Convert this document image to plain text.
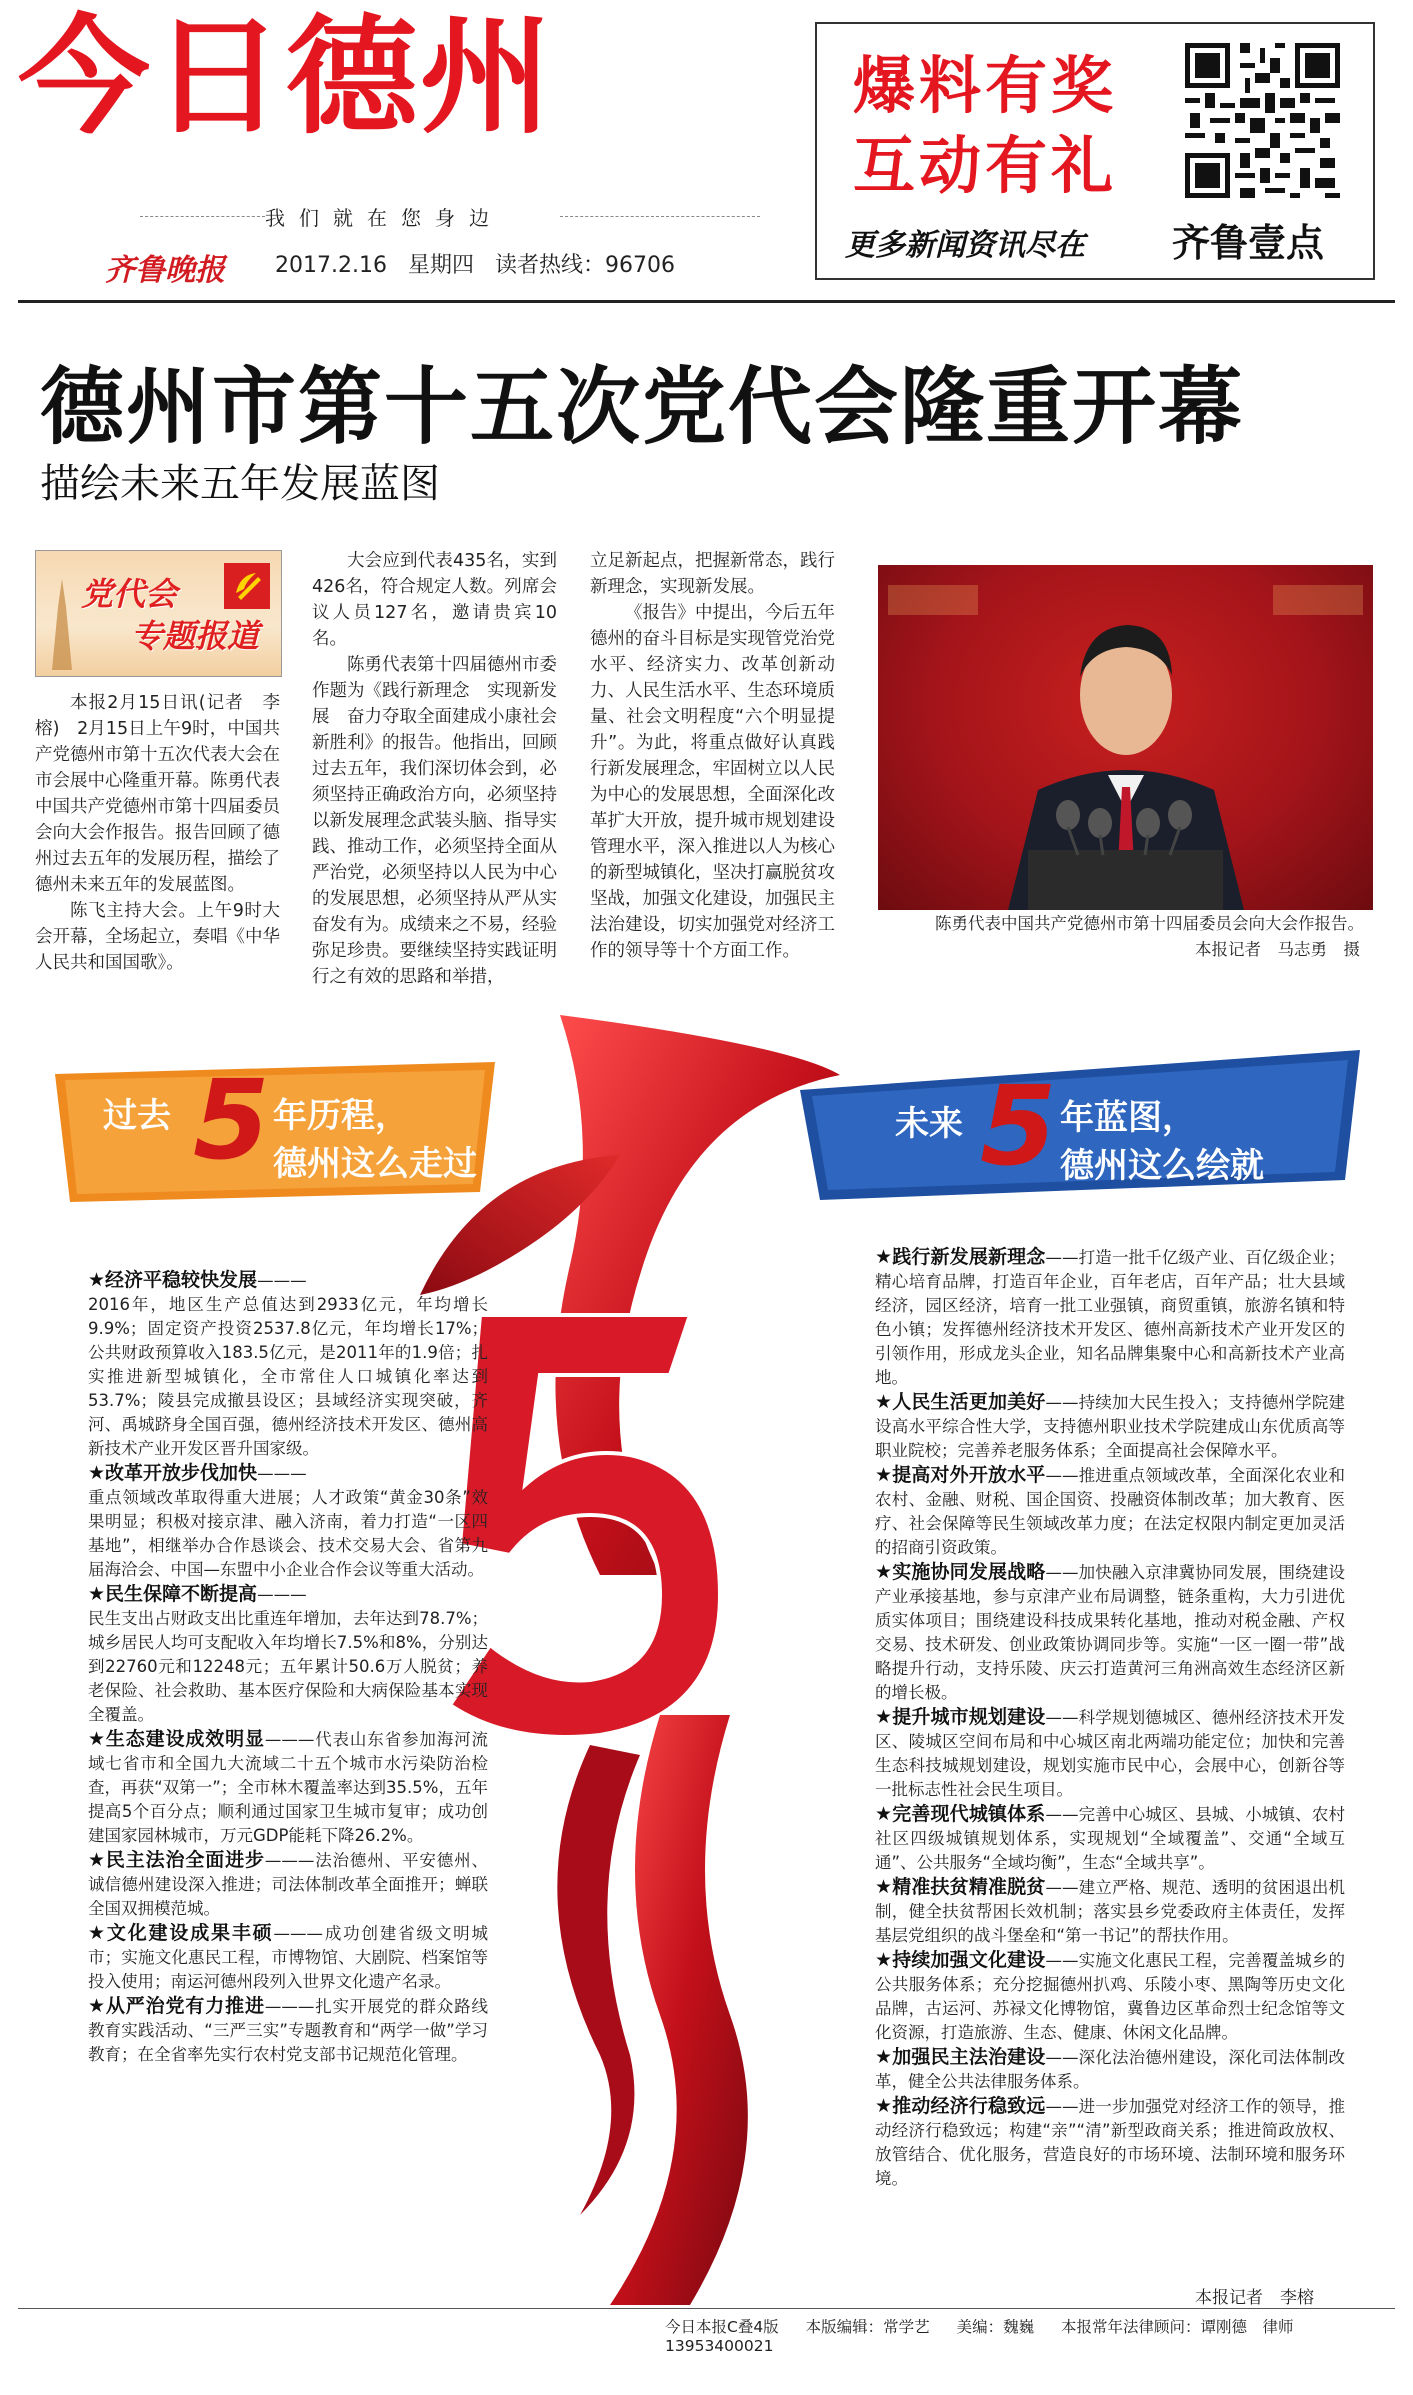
今日德州
我们就在您身边
齐鲁晚报 2017.2.16 星期四 读者热线：96706
爆料有奖
互动有礼
更多新闻资讯尽在 齐鲁壹点
德州市第十五次党代会隆重开幕
描绘未来五年发展蓝图
党代会
专题报道

本报2月15日讯(记者　李榕)　2月15日上午9时，中国共产党德州市第十五次代表大会在市会展中心隆重开幕。陈勇代表中国共产党德州市第十四届委员会向大会作报告。报告回顾了德州过去五年的发展历程，描绘了德州未来五年的发展蓝图。

陈飞主持大会。上午9时大会开幕，全场起立，奏唱《中华人民共和国国歌》。

大会应到代表435名，实到426名，符合规定人数。列席会议人员127名，邀请贵宾10名。

陈勇代表第十四届德州市委作题为《践行新理念　实现新发展　奋力夺取全面建成小康社会新胜利》的报告。他指出，回顾过去五年，我们深切体会到，必须坚持正确政治方向，必须坚持以新发展理念武装头脑、指导实践、推动工作，必须坚持全面从严治党，必须坚持以人民为中心的发展思想，必须坚持从严从实奋发有为。成绩来之不易，经验弥足珍贵。要继续坚持实践证明行之有效的思路和举措，

立足新起点，把握新常态，践行新理念，实现新发展。

《报告》中提出，今后五年德州的奋斗目标是实现管党治党水平、经济实力、改革创新动力、人民生活水平、生态环境质量、社会文明程度“六个明显提升”。为此，将重点做好认真践行新发展理念，牢固树立以人民为中心的发展思想，全面深化改革扩大开放，提升城市规划建设管理水平，深入推进以人为核心的新型城镇化，坚决打赢脱贫攻坚战，加强文化建设，加强民主法治建设，切实加强党对经济工作的领导等十个方面工作。

陈勇代表中国共产党德州市第十四届委员会向大会作报告。
本报记者　马志勇　摄
过去 5 年历程，
德州这么走过
未来 5 年蓝图，
德州这么绘就
★ 经济平稳较快发展———
2016年，地区生产总值达到2933亿元，年均增长9.9%；固定资产投资2537.8亿元，年均增长17%；公共财政预算收入183.5亿元，是2011年的1.9倍；扎实推进新型城镇化，全市常住人口城镇化率达到53.7%；陵县完成撤县设区；县域经济实现突破，齐河、禹城跻身全国百强，德州经济技术开发区、德州高新技术产业开发区晋升国家级。
★ 改革开放步伐加快———
重点领域改革取得重大进展；人才政策“黄金30条”效果明显；积极对接京津、融入济南，着力打造“一区四基地”，相继举办合作恳谈会、技术交易大会、省第九届海洽会、中国—东盟中小企业合作会议等重大活动。
★ 民生保障不断提高———
民生支出占财政支出比重连年增加，去年达到78.7%；城乡居民人均可支配收入年均增长7.5%和8%，分别达到22760元和12248元；五年累计50.6万人脱贫；养老保险、社会救助、基本医疗保险和大病保险基本实现全覆盖。
★ 生态建设成效明显———代表山东省参加海河流域七省市和全国九大流域二十五个城市水污染防治检查，再获“双第一”；全市林木覆盖率达到35.5%，五年提高5个百分点；顺利通过国家卫生城市复审；成功创建国家园林城市，万元GDP能耗下降26.2%。
★ 民主法治全面进步———法治德州、平安德州、诚信德州建设深入推进；司法体制改革全面推开；蝉联全国双拥模范城。
★ 文化建设成果丰硕———成功创建省级文明城市；实施文化惠民工程，市博物馆、大剧院、档案馆等投入使用；南运河德州段列入世界文化遗产名录。
★ 从严治党有力推进———扎实开展党的群众路线教育实践活动、“三严三实”专题教育和“两学一做”学习教育；在全省率先实行农村党支部书记规范化管理。
★ 践行新发展新理念——打造一批千亿级产业、百亿级企业；精心培育品牌，打造百年企业，百年老店，百年产品；壮大县域经济，园区经济，培育一批工业强镇，商贸重镇，旅游名镇和特色小镇；发挥德州经济技术开发区、德州高新技术产业开发区的引领作用，形成龙头企业，知名品牌集聚中心和高新技术产业高地。
★ 人民生活更加美好——持续加大民生投入；支持德州学院建设高水平综合性大学，支持德州职业技术学院建成山东优质高等职业院校；完善养老服务体系；全面提高社会保障水平。
★ 提高对外开放水平——推进重点领域改革，全面深化农业和农村、金融、财税、国企国资、投融资体制改革；加大教育、医疗、社会保障等民生领域改革力度；在法定权限内制定更加灵活的招商引资政策。
★ 实施协同发展战略——加快融入京津冀协同发展，围绕建设产业承接基地，参与京津产业布局调整，链条重构，大力引进优质实体项目；围绕建设科技成果转化基地，推动对税金融、产权交易、技术研发、创业政策协调同步等。实施“一区一圈一带”战略提升行动，支持乐陵、庆云打造黄河三角洲高效生态经济区新的增长极。
★ 提升城市规划建设——科学规划德城区、德州经济技术开发区、陵城区空间布局和中心城区南北两端功能定位；加快和完善生态科技城规划建设，规划实施市民中心，会展中心，创新谷等一批标志性社会民生项目。
★ 完善现代城镇体系——完善中心城区、县城、小城镇、农村社区四级城镇规划体系，实现规划“全域覆盖”、交通“全域互通”、公共服务“全域均衡”，生态“全域共享”。
★ 精准扶贫精准脱贫——建立严格、规范、透明的贫困退出机制，健全扶贫帮困长效机制；落实县乡党委政府主体责任，发挥基层党组织的战斗堡垒和“第一书记”的帮扶作用。
★ 持续加强文化建设——实施文化惠民工程，完善覆盖城乡的公共服务体系；充分挖掘德州扒鸡、乐陵小枣、黑陶等历史文化品牌，古运河、苏禄文化博物馆，冀鲁边区革命烈士纪念馆等文化资源，打造旅游、生态、健康、休闲文化品牌。
★ 加强民主法治建设——深化法治德州建设，深化司法体制改革，健全公共法律服务体系。
★ 推动经济行稳致远——进一步加强党对经济工作的领导，推动经济行稳致远；构建“亲”“清”新型政商关系；推进简政放权、放管结合、优化服务，营造良好的市场环境、法制环境和服务环境。
本报记者　李榕
今日本报C叠4版 本版编辑：常学艺 美编：魏巍 本报常年法律顾问：谭刚德　律师 13953400021
